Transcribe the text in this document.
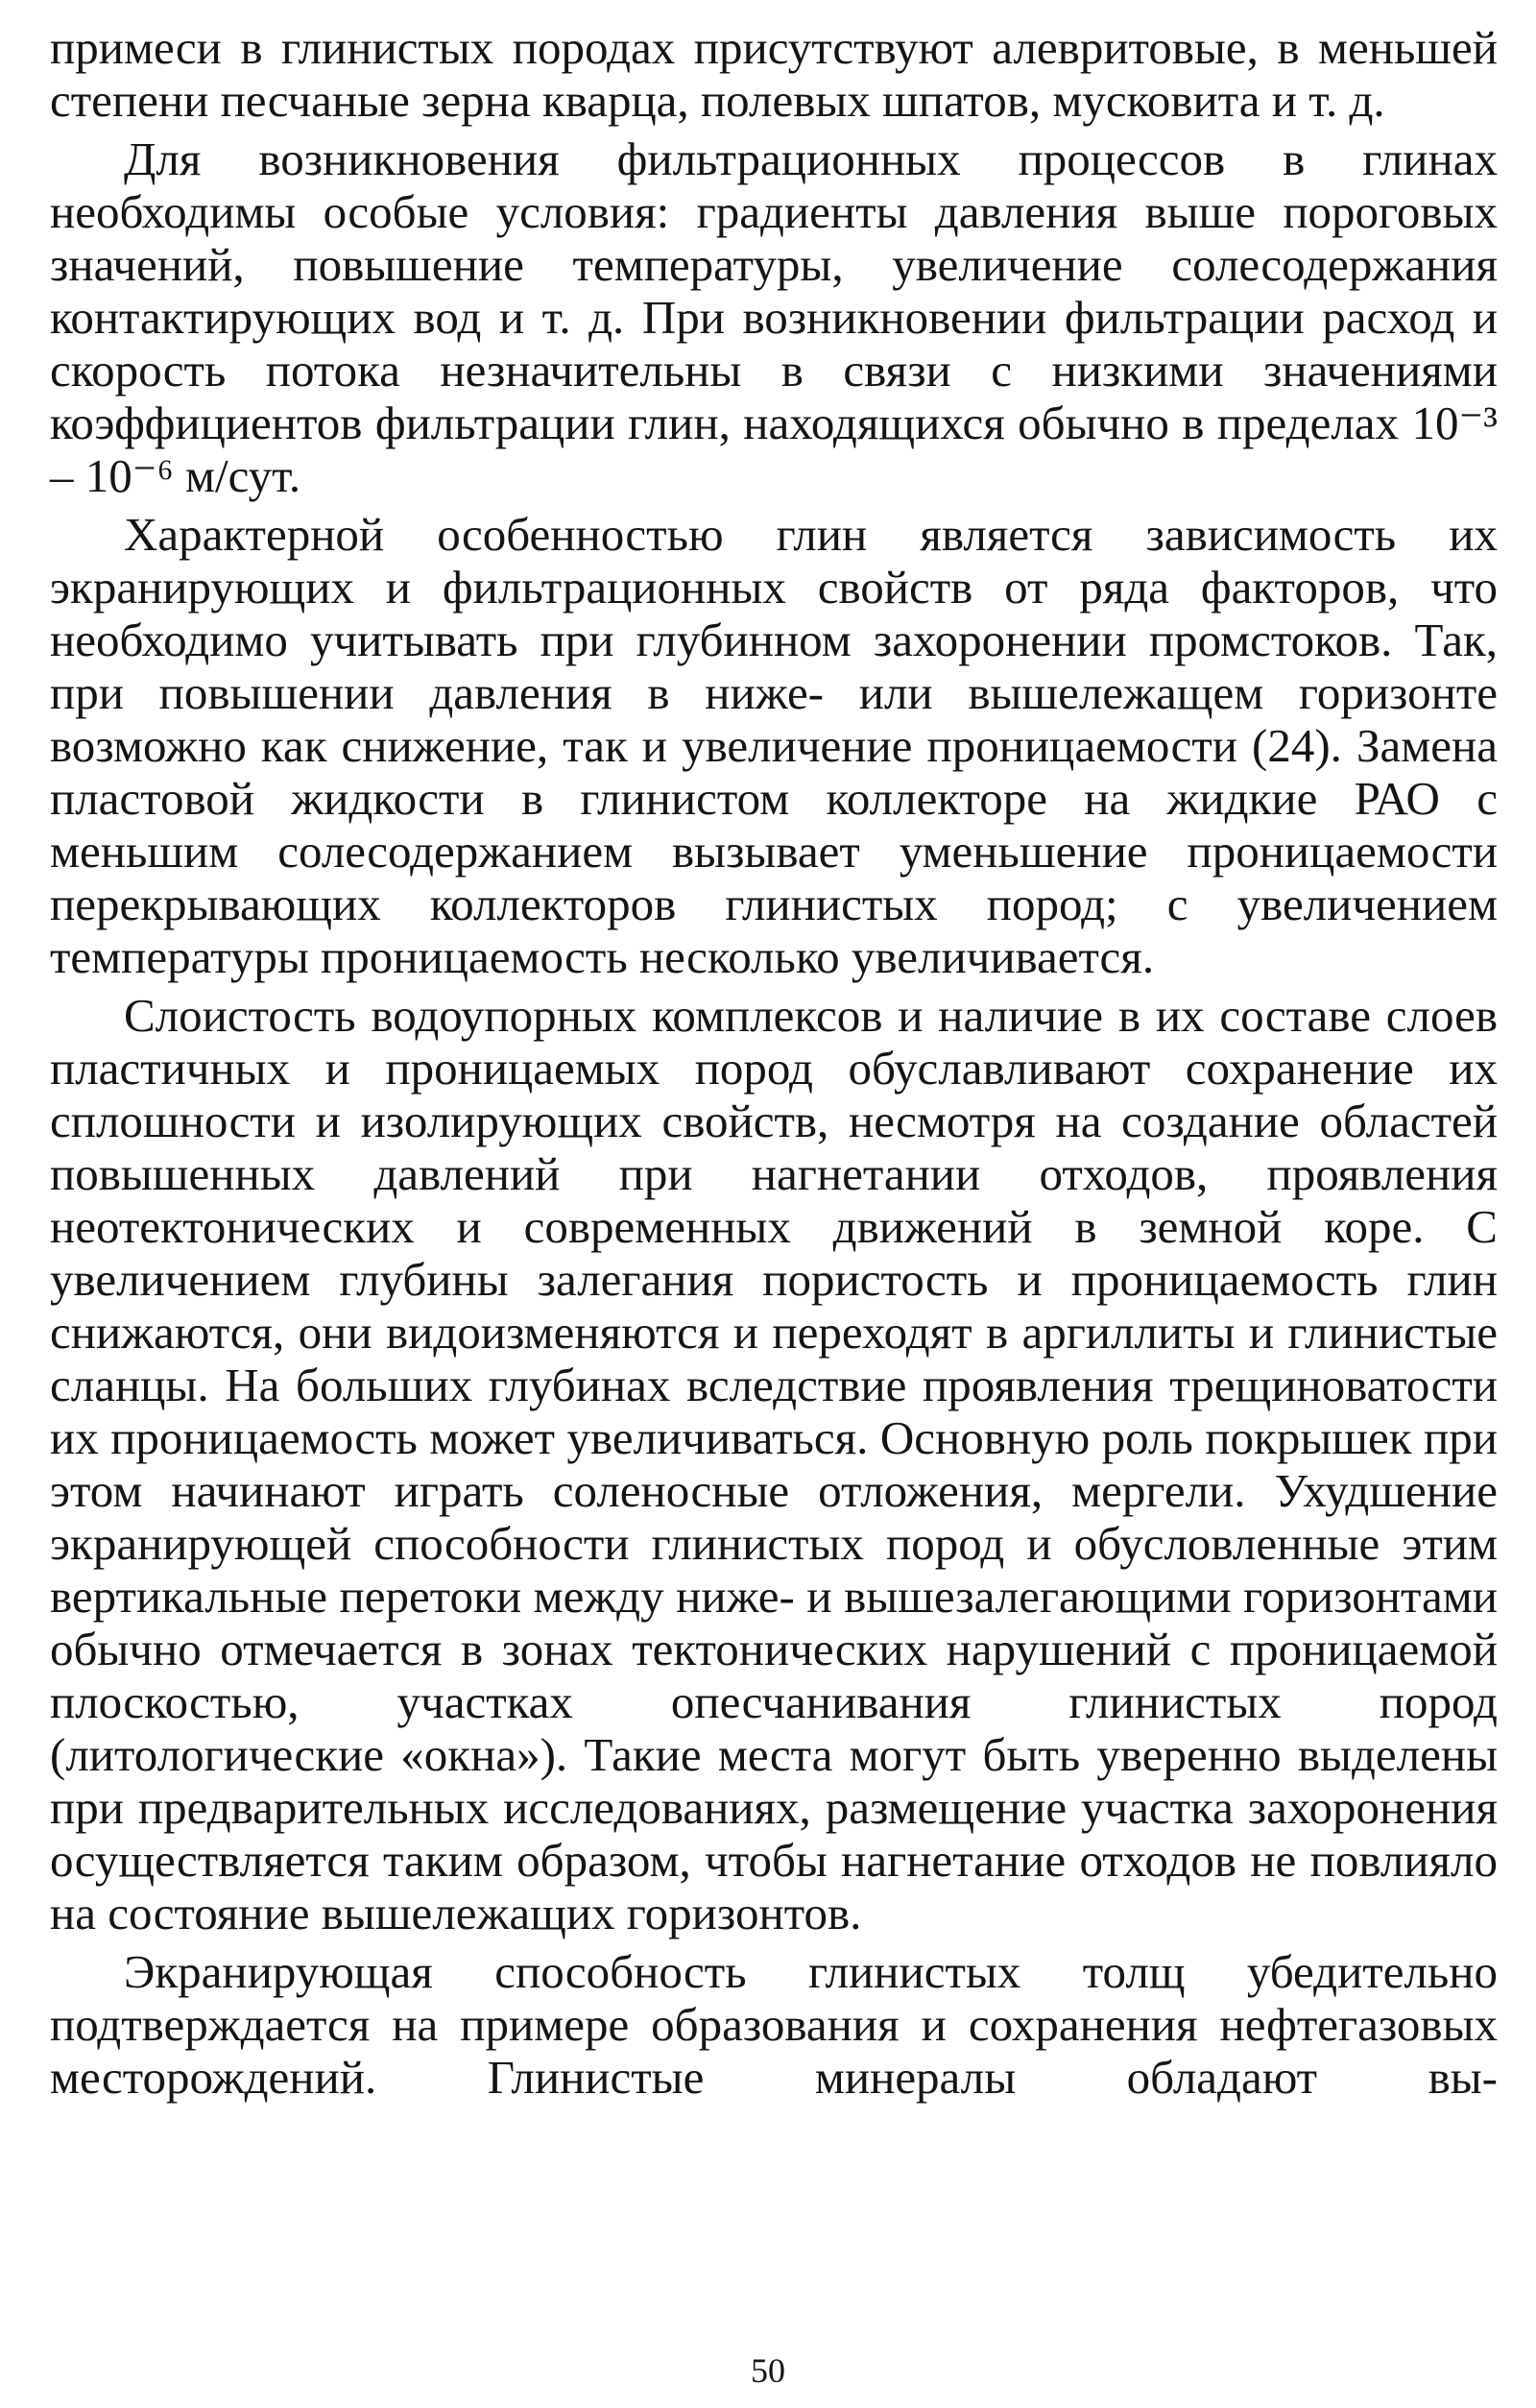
примеси в глинистых породах присутствуют алевритовые, в меньшей степени песчаные зерна кварца, полевых шпатов, мусковита и т. д.

Для возникновения фильтрационных процессов в глинах необходимы особые условия: градиенты давления выше пороговых значений, повышение температуры, увеличение солесодержания контактирующих вод и т. д. При возникновении фильтрации расход и скорость потока незначительны в связи с низкими значениями коэффициентов фильтрации глин, находящихся обычно в пределах 10⁻³ – 10⁻⁶ м/сут.

Характерной особенностью глин является зависимость их экранирующих и фильтрационных свойств от ряда факторов, что необходимо учитывать при глубинном захоронении промстоков. Так, при повышении давления в ниже- или вышележащем горизонте возможно как снижение, так и увеличение проницаемости (24). Замена пластовой жидкости в глинистом коллекторе на жидкие РАО с меньшим солесодержанием вызывает уменьшение проницаемости перекрывающих коллекторов глинистых пород; с увеличением температуры проницаемость несколько увеличивается.

Слоистость водоупорных комплексов и наличие в их составе слоев пластичных и проницаемых пород обуславливают сохранение их сплошности и изолирующих свойств, несмотря на создание областей повышенных давлений при нагнетании отходов, проявления неотектонических и современных движений в земной коре. С увеличением глубины залегания пористость и проницаемость глин снижаются, они видоизменяются и переходят в аргиллиты и глинистые сланцы. На больших глубинах вследствие проявления трещиноватости их проницаемость может увеличиваться. Основную роль покрышек при этом начинают играть соленосные отложения, мергели. Ухудшение экранирующей способности глинистых пород и обусловленные этим вертикальные перетоки между ниже- и вышезалегающими горизонтами обычно отмечается в зонах тектонических нарушений с проницаемой плоскостью, участках опесчанивания глинистых пород (литологические «окна»). Такие места могут быть уверенно выделены при предварительных исследованиях, размещение участка захоронения осуществляется таким образом, чтобы нагнетание отходов не повлияло на состояние вышележащих горизонтов.

Экранирующая способность глинистых толщ убедительно подтверждается на примере образования и сохранения нефтегазовых месторождений. Глинистые минералы обладают вы-

50
